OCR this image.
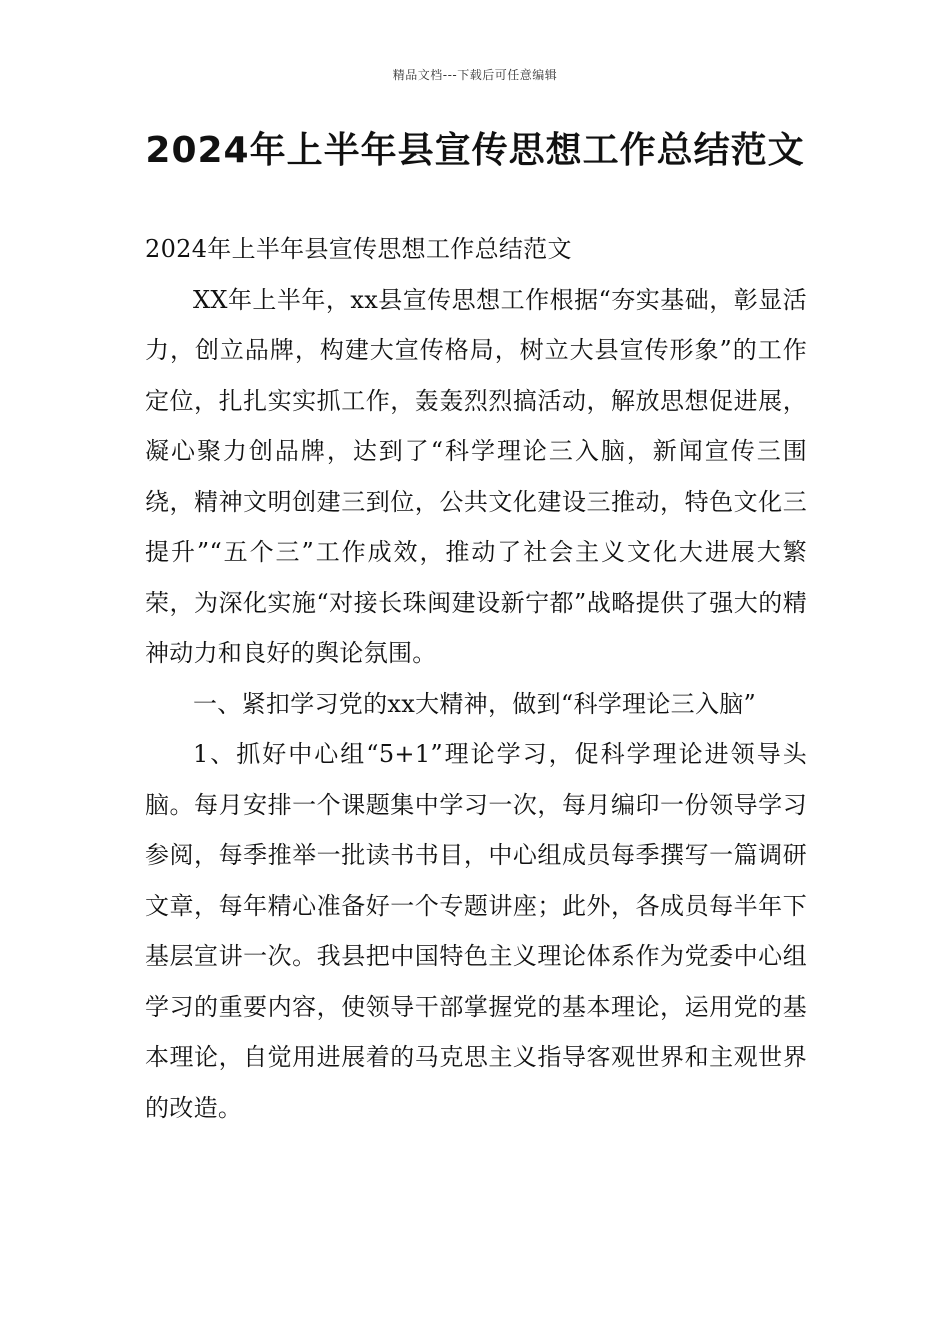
精品文档---下载后可任意编辑
2024年上半年县宣传思想工作总结范文

2024年上半年县宣传思想工作总结范文

XX年上半年，xx县宣传思想工作根据“夯实基础，彰显活力，创立品牌，构建大宣传格局，树立大县宣传形象”的工作定位，扎扎实实抓工作，轰轰烈烈搞活动，解放思想促进展，凝心聚力创品牌，达到了“科学理论三入脑，新闻宣传三围绕，精神文明创建三到位，公共文化建设三推动，特色文化三提升”“五个三”工作成效，推动了社会主义文化大进展大繁荣，为深化实施“对接长珠闽建设新宁都”战略提供了强大的精神动力和良好的舆论氛围。

一、紧扣学习党的xx大精神，做到“科学理论三入脑”

1、抓好中心组“5+1”理论学习，促科学理论进领导头脑。每月安排一个课题集中学习一次，每月编印一份领导学习参阅，每季推举一批读书书目，中心组成员每季撰写一篇调研文章，每年精心准备好一个专题讲座；此外，各成员每半年下基层宣讲一次。我县把中国特色主义理论体系作为党委中心组学习的重要内容，使领导干部掌握党的基本理论，运用党的基本理论，自觉用进展着的马克思主义指导客观世界和主观世界的改造。
